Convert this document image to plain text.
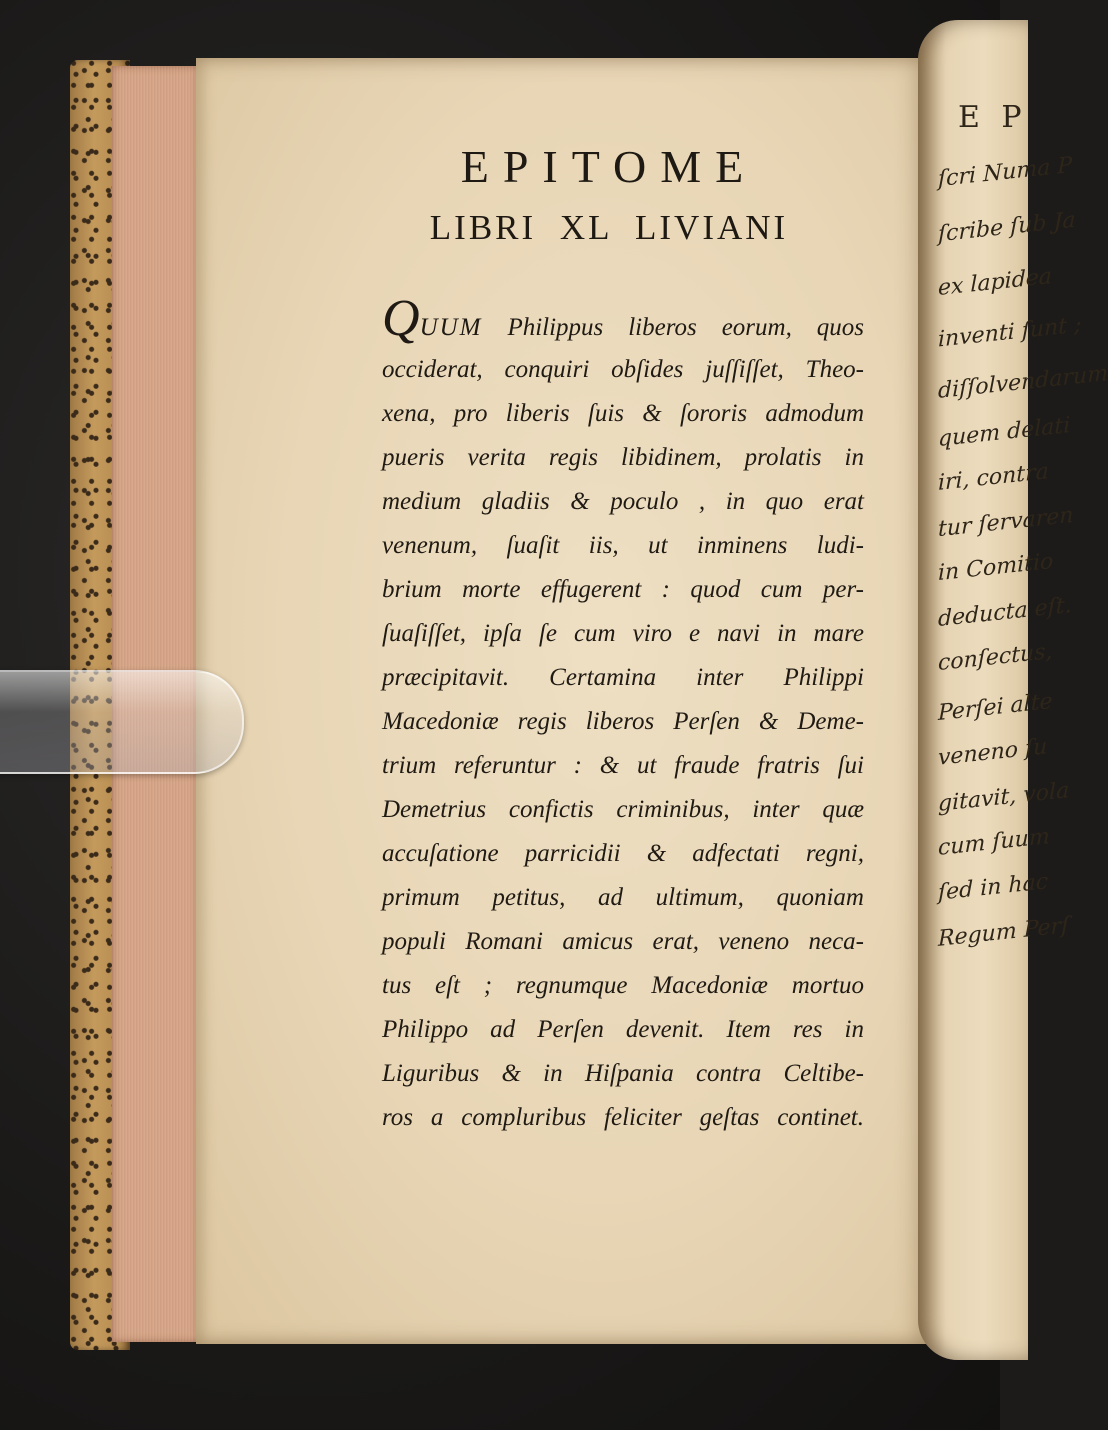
EPITOME
LIBRI XL LIVIANI
QUUM Philippus liberos eorum, quos
occiderat, conquiri obſides juſſiſſet, Theo-
xena, pro liberis ſuis & ſororis admodum
pueris verita regis libidinem, prolatis in
medium gladiis & poculo , in quo erat
venenum, ſuaſit iis, ut inminens ludi-
brium morte effugerent : quod cum per-
ſuaſiſſet, ipſa ſe cum viro e navi in mare
præcipitavit. Certamina inter Philippi
Macedoniæ regis liberos Perſen & Deme-
trium referuntur : & ut fraude fratris ſui
Demetrius confictis criminibus, inter quæ
accuſatione parricidii & adfectati regni,
primum petitus, ad ultimum, quoniam
populi Romani amicus erat, veneno neca-
tus eſt ; regnumque Macedoniæ mortuo
Philippo ad Perſen devenit. Item res in
Liguribus & in Hiſpania contra Celtibe-
ros a compluribus feliciter geſtas continet.
E P
ſcri Numa P
ſcribe ſub Ja
ex lapidea
inventi ſunt ;
diſſolvendarum
quem delati
iri, contra
tur ſervaren
in Comitio
deducta eſt.
conſectus,
Perſei alte
veneno ſu
gitavit, vola
cum ſuum
ſed in hac
Regum Perſ
